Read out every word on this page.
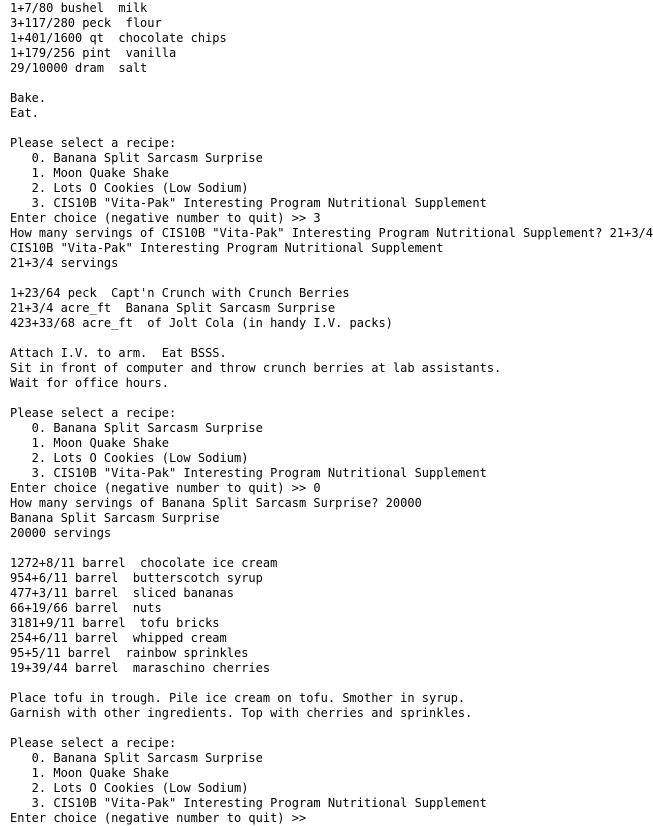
1+7/80 bushel  milk
3+117/280 peck  flour
1+401/1600 qt  chocolate chips
1+179/256 pint  vanilla
29/10000 dram  salt
Bake.
Eat.
Please select a recipe:
0. Banana Split Sarcasm Surprise
1. Moon Quake Shake
2. Lots O Cookies (Low Sodium)
3. CIS10B "Vita-Pak" Interesting Program Nutritional Supplement
Enter choice (negative number to quit) >> 3
How many servings of CIS10B "Vita-Pak" Interesting Program Nutritional Supplement? 21+3/4
CIS10B "Vita-Pak" Interesting Program Nutritional Supplement
21+3/4 servings
1+23/64 peck  Capt'n Crunch with Crunch Berries
21+3/4 acre_ft  Banana Split Sarcasm Surprise
423+33/68 acre_ft  of Jolt Cola (in handy I.V. packs)
Attach I.V. to arm.  Eat BSSS.
Sit in front of computer and throw crunch berries at lab assistants.
Wait for office hours.
Please select a recipe:
0. Banana Split Sarcasm Surprise
1. Moon Quake Shake
2. Lots O Cookies (Low Sodium)
3. CIS10B "Vita-Pak" Interesting Program Nutritional Supplement
Enter choice (negative number to quit) >> 0
How many servings of Banana Split Sarcasm Surprise? 20000
Banana Split Sarcasm Surprise
20000 servings
1272+8/11 barrel  chocolate ice cream
954+6/11 barrel  butterscotch syrup
477+3/11 barrel  sliced bananas
66+19/66 barrel  nuts
3181+9/11 barrel  tofu bricks
254+6/11 barrel  whipped cream
95+5/11 barrel  rainbow sprinkles
19+39/44 barrel  maraschino cherries
Place tofu in trough. Pile ice cream on tofu. Smother in syrup.
Garnish with other ingredients. Top with cherries and sprinkles.
Please select a recipe:
0. Banana Split Sarcasm Surprise
1. Moon Quake Shake
2. Lots O Cookies (Low Sodium)
3. CIS10B "Vita-Pak" Interesting Program Nutritional Supplement
Enter choice (negative number to quit) >>
